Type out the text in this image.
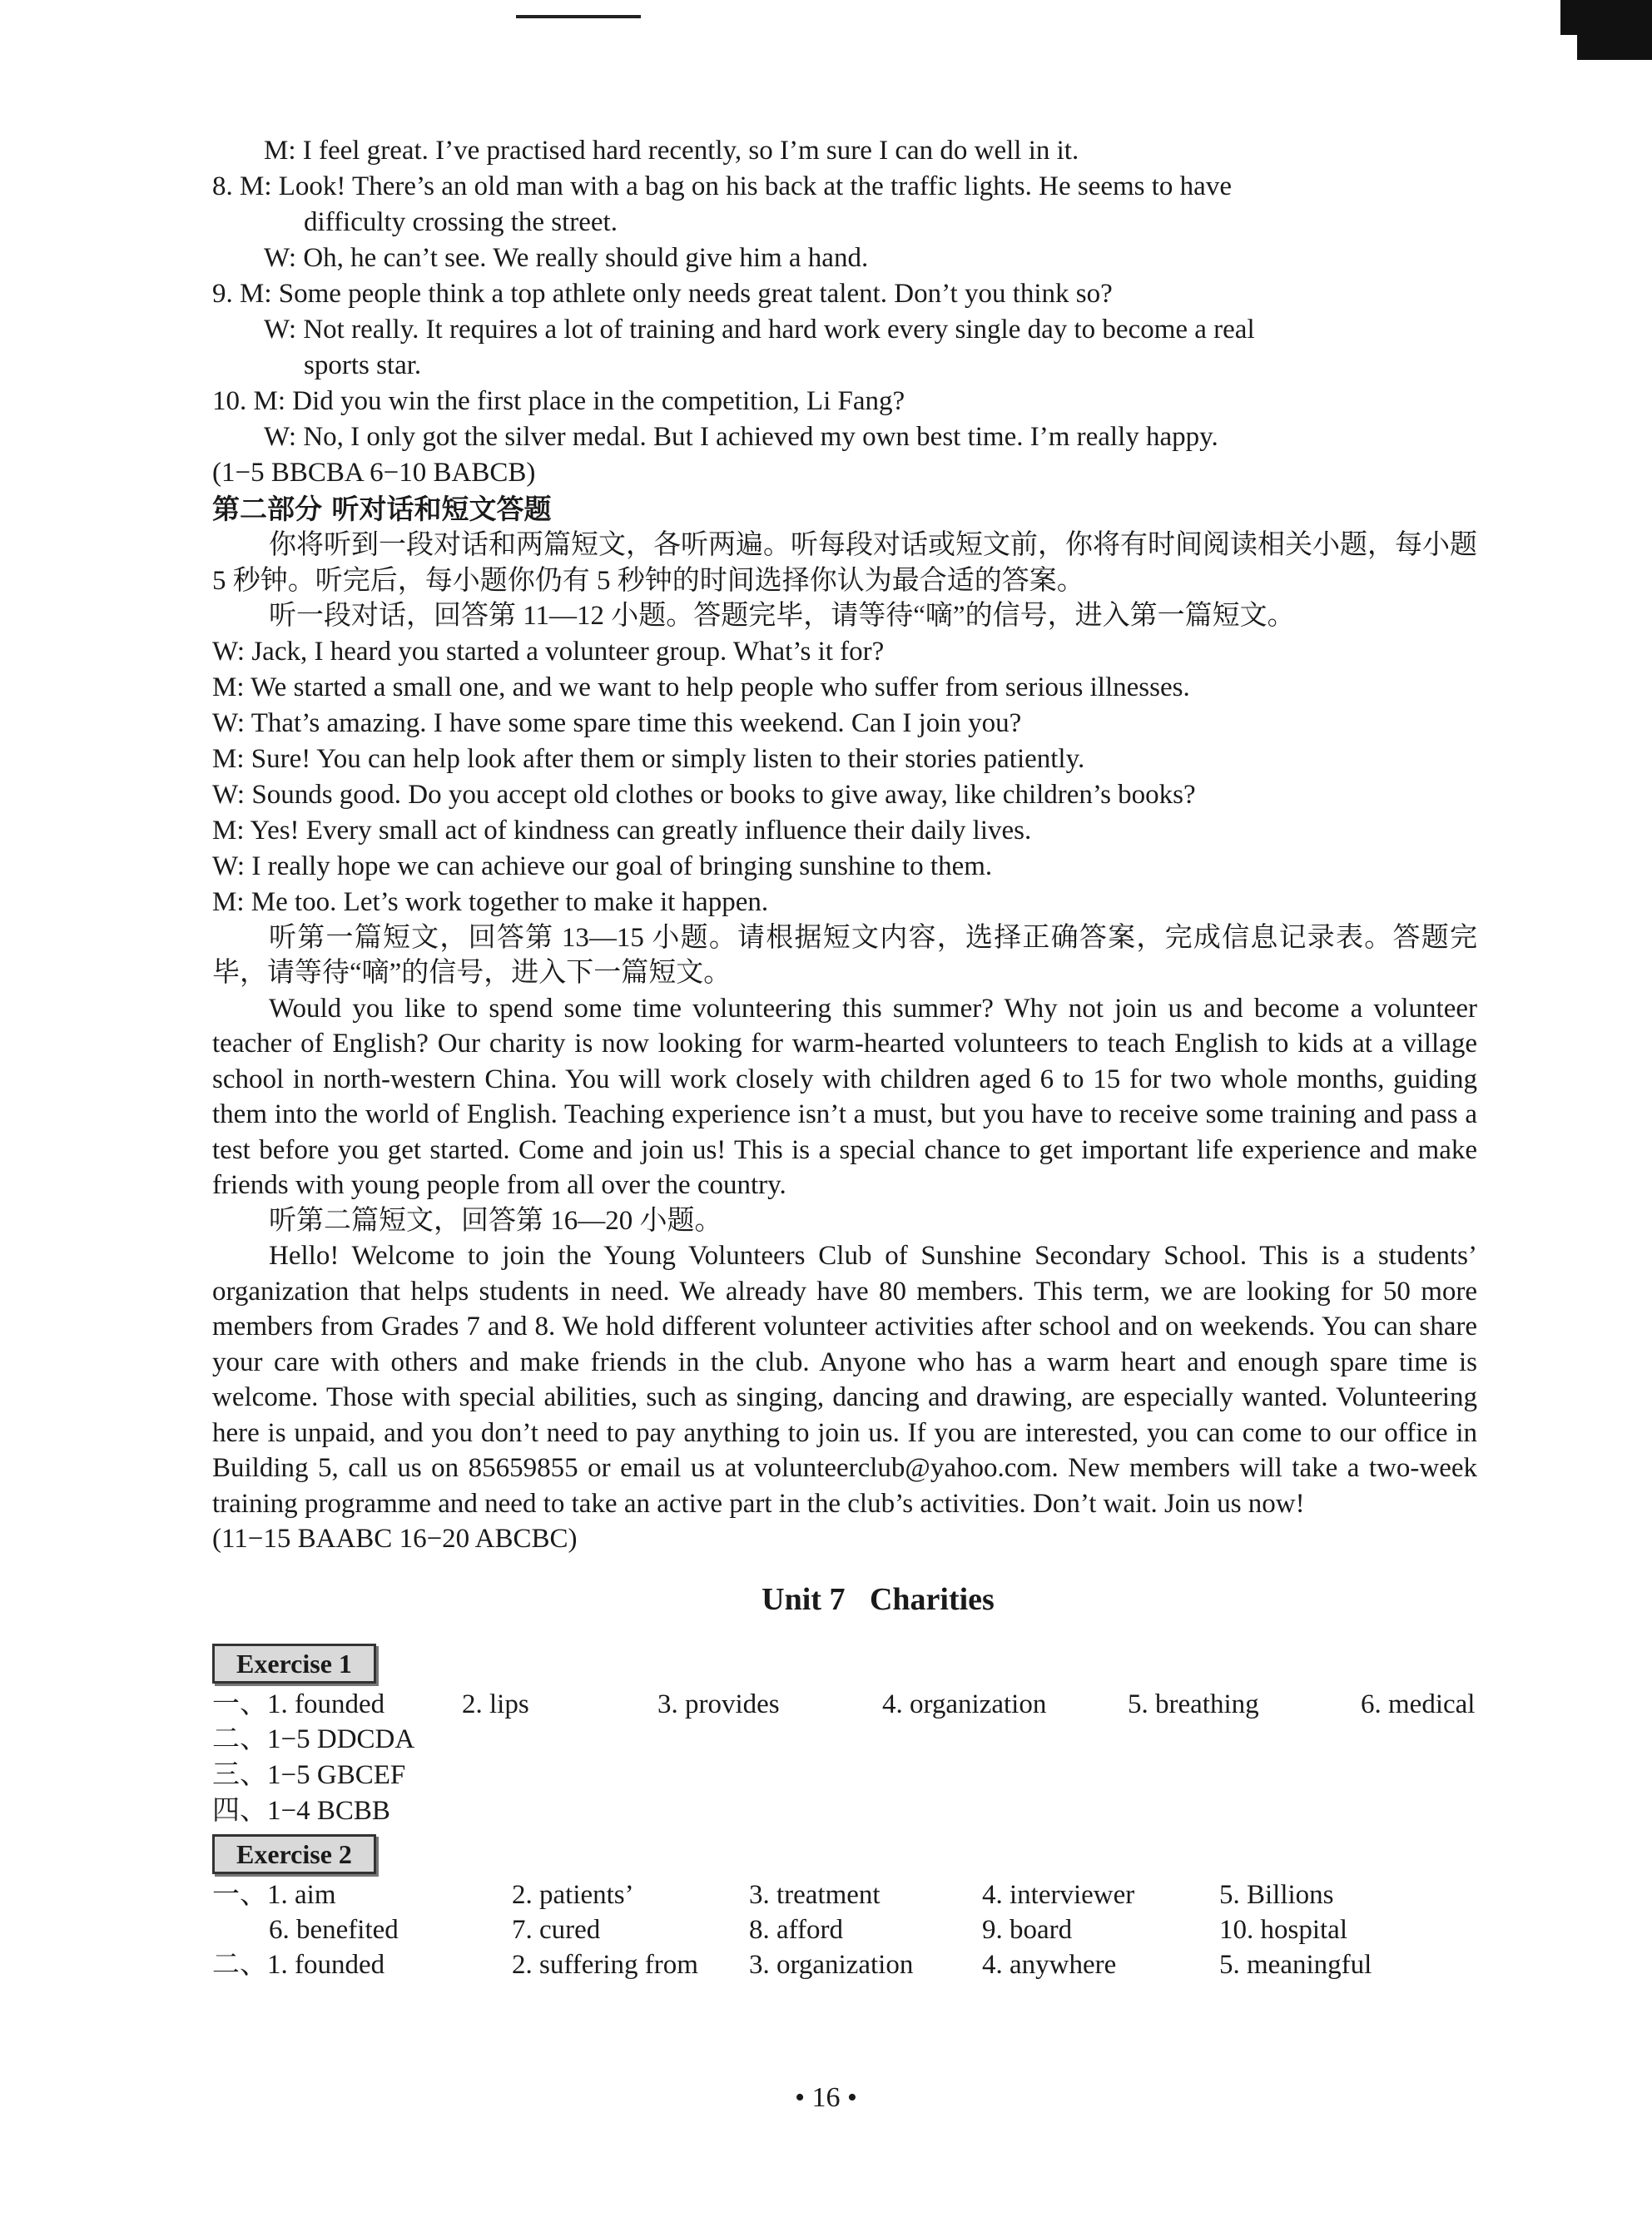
M: I feel great. I’ve practised hard recently, so I’m sure I can do well in it.
8. M: Look! There’s an old man with a bag on his back at the traffic lights. He seems to have
difficulty crossing the street.
W: Oh, he can’t see. We really should give him a hand.
9. M: Some people think a top athlete only needs great talent. Don’t you think so?
W: Not really. It requires a lot of training and hard work every single day to become a real
sports star.
10. M: Did you win the first place in the competition, Li Fang?
W: No, I only got the silver medal. But I achieved my own best time. I’m really happy.
(1−5 BBCBA 6−10 BABCB)
第二部分 听对话和短文答题
你将听到一段对话和两篇短文，各听两遍。听每段对话或短文前，你将有时间阅读相关小题，每小题 5 秒钟。听完后，每小题你仍有 5 秒钟的时间选择你认为最合适的答案。
听一段对话，回答第 11—12 小题。答题完毕，请等待“嘀”的信号，进入第一篇短文。
W: Jack, I heard you started a volunteer group. What’s it for?
M: We started a small one, and we want to help people who suffer from serious illnesses.
W: That’s amazing. I have some spare time this weekend. Can I join you?
M: Sure! You can help look after them or simply listen to their stories patiently.
W: Sounds good. Do you accept old clothes or books to give away, like children’s books?
M: Yes! Every small act of kindness can greatly influence their daily lives.
W: I really hope we can achieve our goal of bringing sunshine to them.
M: Me too. Let’s work together to make it happen.
听第一篇短文，回答第 13—15 小题。请根据短文内容，选择正确答案，完成信息记录表。答题完毕，请等待“嘀”的信号，进入下一篇短文。
Would you like to spend some time volunteering this summer? Why not join us and become a volunteer teacher of English? Our charity is now looking for warm-hearted volunteers to teach English to kids at a village school in north-western China. You will work closely with children aged 6 to 15 for two whole months, guiding them into the world of English. Teaching experience isn’t a must, but you have to receive some training and pass a test before you get started. Come and join us! This is a special chance to get important life experience and make friends with young people from all over the country.
听第二篇短文，回答第 16—20 小题。
Hello! Welcome to join the Young Volunteers Club of Sunshine Secondary School. This is a students’ organization that helps students in need. We already have 80 members. This term, we are looking for 50 more members from Grades 7 and 8. We hold different volunteer activities after school and on weekends. You can share your care with others and make friends in the club. Anyone who has a warm heart and enough spare time is welcome. Those with special abilities, such as singing, dancing and drawing, are especially wanted. Volunteering here is unpaid, and you don’t need to pay anything to join us. If you are interested, you can come to our office in Building 5, call us on 85659855 or email us at volunteerclub@yahoo.com. New members will take a two-week training programme and need to take an active part in the club’s activities. Don’t wait. Join us now!
(11−15 BAABC 16−20 ABCBC)
Unit 7 Charities
Exercise 1
一、1. founded	2. lips	3. provides	4. organization	5. breathing	6. medical
二、1−5 DDCDA
三、1−5 GBCEF
四、1−4 BCBB
Exercise 2
一、1. aim	2. patients’	3. treatment	4. interviewer	5. Billions
6. benefited	7. cured	8. afford	9. board	10. hospital
二、1. founded	2. suffering from	3. organization	4. anywhere	5. meaningful
• 16 •
